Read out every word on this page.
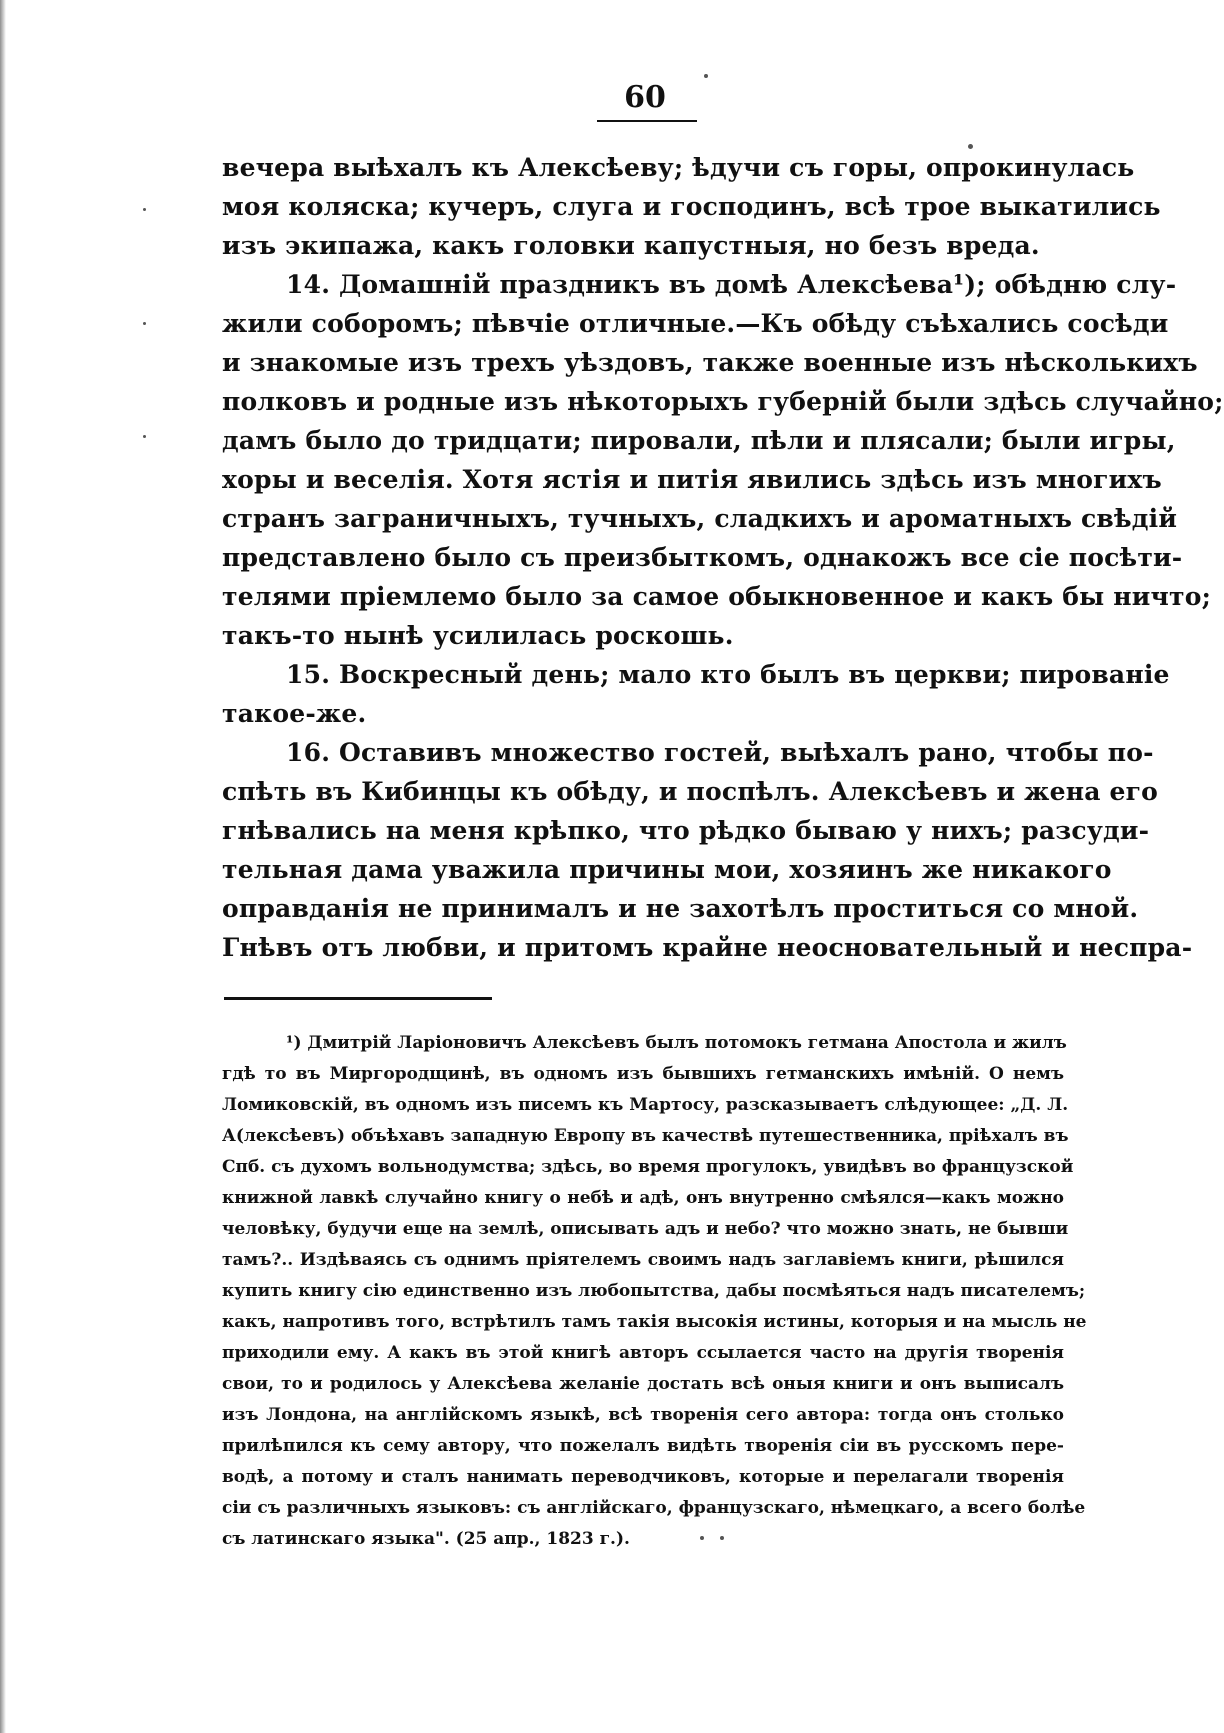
60
вечера выѣхалъ къ Алексѣеву; ѣдучи съ горы, опрокинулась
моя коляска; кучеръ, слуга и господинъ, всѣ трое выкатились
изъ экипажа, какъ головки капустныя, но безъ вреда.
14. Домашній праздникъ въ домѣ Алексѣева¹); обѣдню слу-
жили соборомъ; пѣвчіе отличные.—Къ обѣду съѣхались сосѣди
и знакомые изъ трехъ уѣздовъ, также военные изъ нѣсколькихъ
полковъ и родные изъ нѣкоторыхъ губерній были здѣсь случайно;
дамъ было до тридцати; пировали, пѣли и плясали; были игры,
хоры и веселія. Хотя ястія и питія явились здѣсь изъ многихъ
странъ заграничныхъ, тучныхъ, сладкихъ и ароматныхъ свѣдій
представлено было съ преизбыткомъ, однакожъ все сіе посѣти-
телями пріемлемо было за самое обыкновенное и какъ бы ничто;
такъ-то нынѣ усилилась роскошь.
15. Воскресный день; мало кто былъ въ церкви; пированіе
такое-же.
16. Оставивъ множество гостей, выѣхалъ рано, чтобы по-
спѣть въ Кибинцы къ обѣду, и поспѣлъ. Алексѣевъ и жена его
гнѣвались на меня крѣпко, что рѣдко бываю у нихъ; разсуди-
тельная дама уважила причины мои, хозяинъ же никакого
оправданія не принималъ и не захотѣлъ проститься со мной.
Гнѣвъ отъ любви, и притомъ крайне неосновательный и неспра-
¹) Дмитрій Ларіоновичъ Алексѣевъ былъ потомокъ гетмана Апостола и жилъ
гдѣ то въ Миргородщинѣ, въ одномъ изъ бывшихъ гетманскихъ имѣній. О немъ
Ломиковскій, въ одномъ изъ писемъ къ Мартосу, разсказываетъ слѣдующее: „Д. Л.
А(лексѣевъ) объѣхавъ западную Европу въ качествѣ путешественника, пріѣхалъ въ
Спб. съ духомъ вольнодумства; здѣсь, во время прогулокъ, увидѣвъ во французской
книжной лавкѣ случайно книгу о небѣ и адѣ, онъ внутренно смѣялся—какъ можно
человѣку, будучи еще на землѣ, описывать адъ и небо? что можно знать, не бывши
тамъ?.. Издѣваясь съ однимъ пріятелемъ своимъ надъ заглавіемъ книги, рѣшился
купить книгу сію единственно изъ любопытства, дабы посмѣяться надъ писателемъ;
какъ, напротивъ того, встрѣтилъ тамъ такія высокія истины, которыя и на мысль не
приходили ему. А какъ въ этой книгѣ авторъ ссылается часто на другія творенія
свои, то и родилось у Алексѣева желаніе достать всѣ оныя книги и онъ выписалъ
изъ Лондона, на англійскомъ языкѣ, всѣ творенія сего автора: тогда онъ столько
прилѣпился къ сему автору, что пожелалъ видѣть творенія сіи въ русскомъ пере-
водѣ, а потому и сталъ нанимать переводчиковъ, которые и перелагали творенія
сіи съ различныхъ языковъ: съ англійскаго, французскаго, нѣмецкаго, а всего болѣе
съ латинскаго языка". (25 апр., 1823 г.).
